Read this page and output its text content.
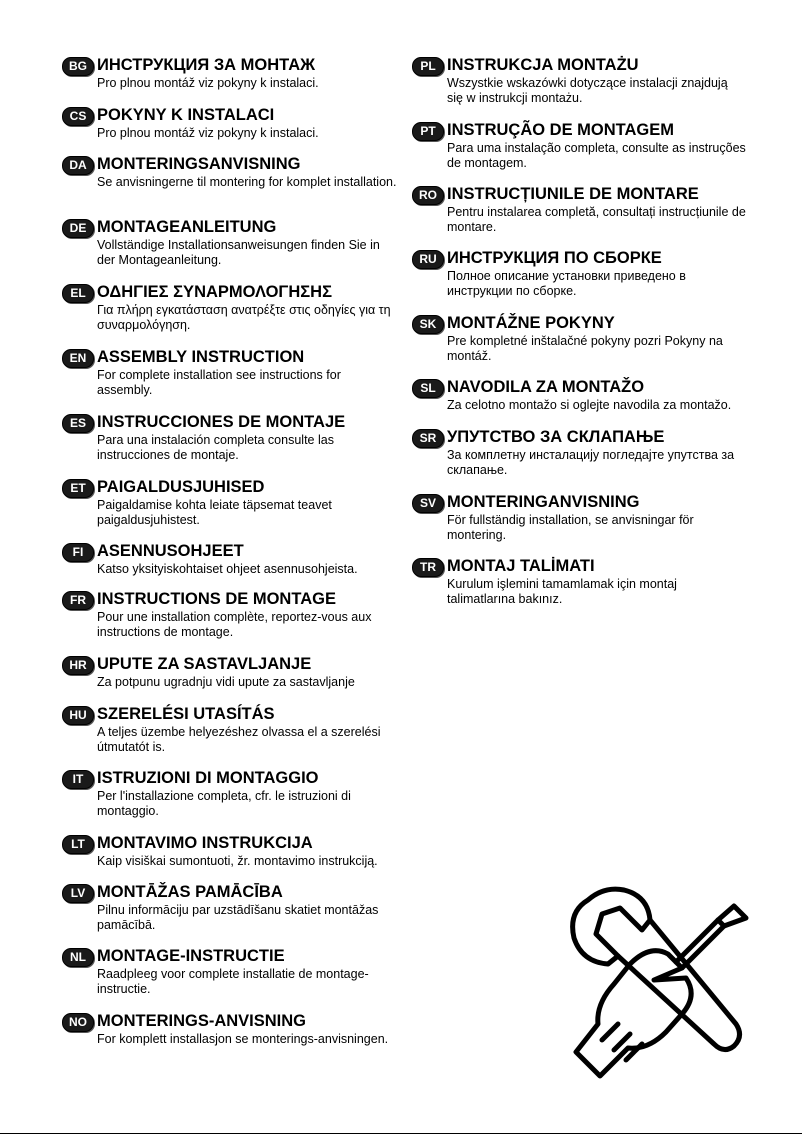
BG ИНСТРУКЦИЯ ЗА МОНТАЖ
Pro plnou montáž viz pokyny k instalaci.
CS POKYNY K INSTALACI
Pro plnou montáž viz pokyny k instalaci.
DA MONTERINGSANVISNING
Se anvisningerne til montering for komplet installation.
DE MONTAGEANLEITUNG
Vollständige Installationsanweisungen finden Sie in der Montageanleitung.
EL ΟΔΗΓΙΕΣ ΣΥΝΑΡΜΟΛΟΓΗΣΗΣ
Για πλήρη εγκατάσταση ανατρέξτε στις οδηγίες για τη συναρμολόγηση.
EN ASSEMBLY INSTRUCTION
For complete installation see instructions for assembly.
ES INSTRUCCIONES DE MONTAJE
Para una instalación completa consulte las instrucciones de montaje.
ET PAIGALDUSJUHISED
Paigaldamise kohta leiate täpsemat teavet paigaldusjuhistest.
FI ASENNUSOHJEET
Katso yksityiskohtaiset ohjeet asennusohjeista.
FR INSTRUCTIONS DE MONTAGE
Pour une installation complète, reportez-vous aux instructions de montage.
HR UPUTE ZA SASTAVLJANJE
Za potpunu ugradnju vidi upute za sastavljanje
HU SZERELÉSI UTASÍTÁS
A teljes üzembe helyezéshez olvassa el a szerelési útmutatót is.
IT ISTRUZIONI DI MONTAGGIO
Per l'installazione completa, cfr. le istruzioni di montaggio.
LT MONTAVIMO INSTRUKCIJA
Kaip visiškai sumontuoti, žr. montavimo instrukciją.
LV MONTĀŽAS PAMĀCĪBA
Pilnu informāciju par uzstādīšanu skatiet montāžas pamācībā.
NL MONTAGE-INSTRUCTIE
Raadpleeg voor complete installatie de montage-instructie.
NO MONTERINGS-ANVISNING
For komplett installasjon se monterings-anvisningen.
PL INSTRUKCJA MONTAŻU
Wszystkie wskazówki dotyczące instalacji znajdują się w instrukcji montażu.
PT INSTRUÇÃO DE MONTAGEM
Para uma instalação completa, consulte as instruções de montagem.
RO INSTRUCȚIUNILE DE MONTARE
Pentru instalarea completă, consultați instrucțiunile de montare.
RU ИНСТРУКЦИЯ ПО СБОРКЕ
Полное описание установки приведено в инструкции по сборке.
SK MONTÁŽNE POKYNY
Pre kompletné inštalačné pokyny pozri Pokyny na montáž.
SL NAVODILA ZA MONTAŽO
Za celotno montažo si oglejte navodila za montažo.
SR УПУТСТВО ЗА СКЛАПАЊЕ
За комплетну инсталацију погледајте упутства за склапање.
SV MONTERINGANVISNING
För fullständig installation, se anvisningar för montering.
TR MONTAJ TALİMATI
Kurulum işlemini tamamlamak için montaj talimatlarına bakınız.
